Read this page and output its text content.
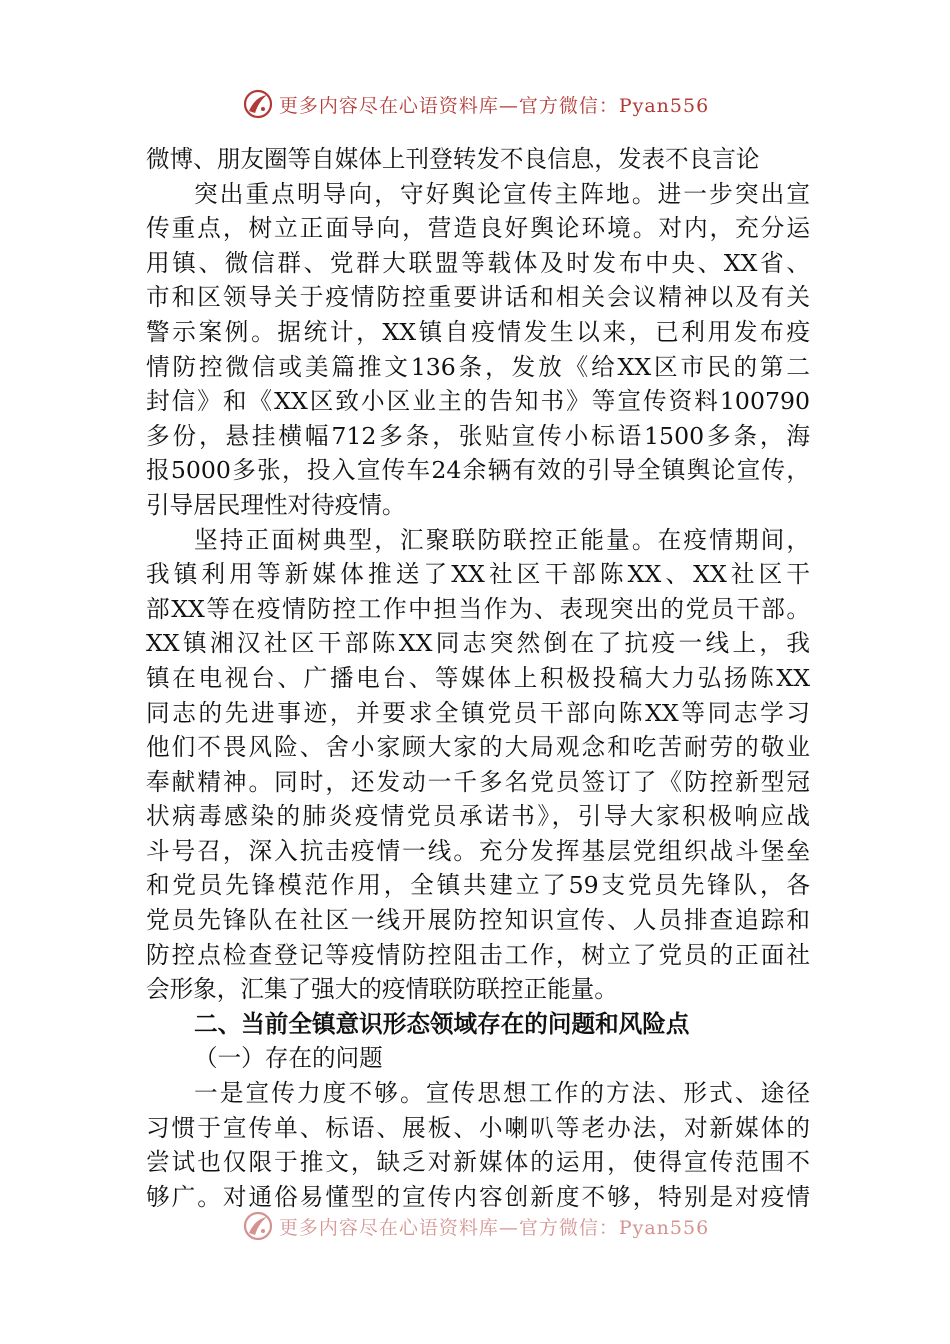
更多内容尽在心语资料库—官方微信：Pyan556
微博、朋友圈等自媒体上刊登转发不良信息，发表不良言论
突出重点明导向，守好舆论宣传主阵地。进一步突出宣
传重点，树立正面导向，营造良好舆论环境。对内，充分运
用镇、微信群、党群大联盟等载体及时发布中央、XX省、
市和区领导关于疫情防控重要讲话和相关会议精神以及有关
警示案例。据统计，XX镇自疫情发生以来，已利用发布疫
情防控微信或美篇推文136条，发放《给XX区市民的第二
封信》和《XX区致小区业主的告知书》等宣传资料100790
多份，悬挂横幅712多条，张贴宣传小标语1500多条，海
报5000多张，投入宣传车24余辆有效的引导全镇舆论宣传，
引导居民理性对待疫情。
坚持正面树典型，汇聚联防联控正能量。在疫情期间，
我镇利用等新媒体推送了XX社区干部陈XX、XX社区干
部XX等在疫情防控工作中担当作为、表现突出的党员干部。
XX镇湘汉社区干部陈XX同志突然倒在了抗疫一线上，我
镇在电视台、广播电台、等媒体上积极投稿大力弘扬陈XX
同志的先进事迹，并要求全镇党员干部向陈XX等同志学习
他们不畏风险、舍小家顾大家的大局观念和吃苦耐劳的敬业
奉献精神。同时，还发动一千多名党员签订了《防控新型冠
状病毒感染的肺炎疫情党员承诺书》，引导大家积极响应战
斗号召，深入抗击疫情一线。充分发挥基层党组织战斗堡垒
和党员先锋模范作用，全镇共建立了59支党员先锋队，各
党员先锋队在社区一线开展防控知识宣传、人员排查追踪和
防控点检查登记等疫情防控阻击工作，树立了党员的正面社
会形象，汇集了强大的疫情联防联控正能量。
二、当前全镇意识形态领域存在的问题和风险点
（一）存在的问题
一是宣传力度不够。宣传思想工作的方法、形式、途径
习惯于宣传单、标语、展板、小喇叭等老办法，对新媒体的
尝试也仅限于推文，缺乏对新媒体的运用，使得宣传范围不
够广。对通俗易懂型的宣传内容创新度不够，特别是对疫情
更多内容尽在心语资料库—官方微信：Pyan556
